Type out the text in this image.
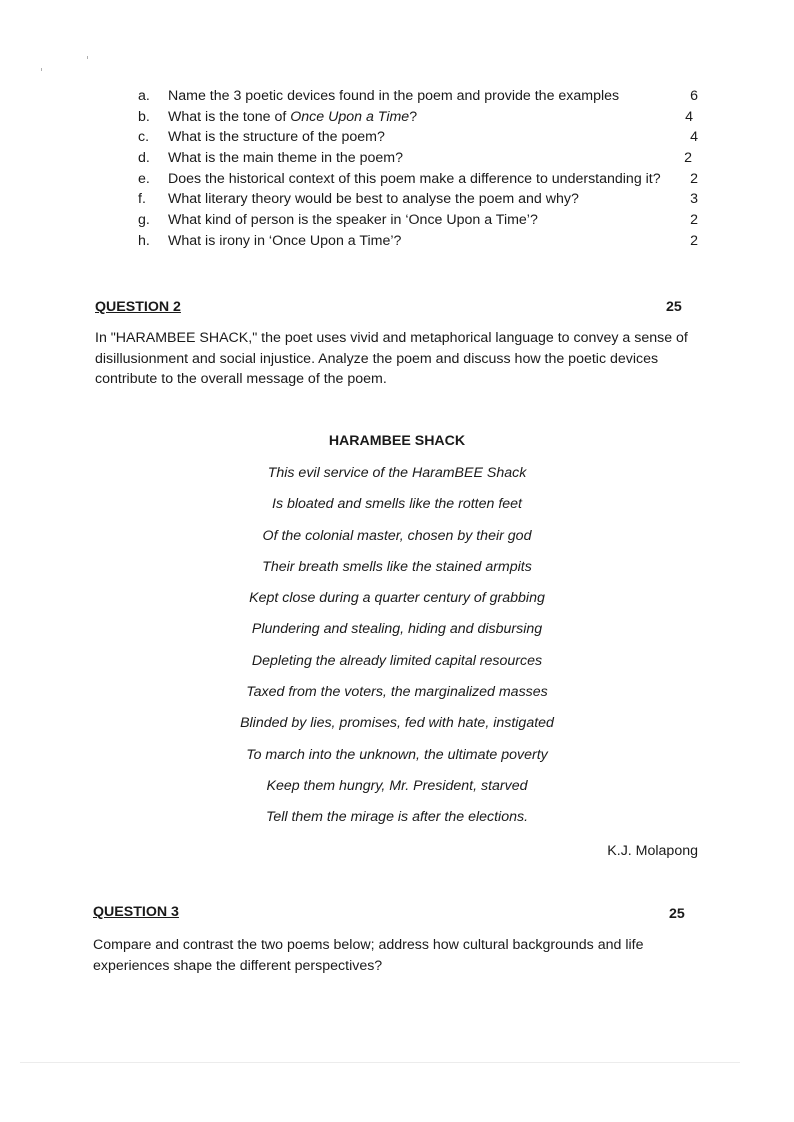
a.	Name the 3 poetic devices found in the poem and provide the examples	6
b.	What is the tone of Once Upon a Time?	4
c.	What is the structure of the poem?	4
d.	What is the main theme in the poem?	2
e.	Does the historical context of this poem make a difference to understanding it?	2
f.	What literary theory would be best to analyse the poem and why?	3
g.	What kind of person is the speaker in ‘Once Upon a Time’?	2
h.	What is irony in ‘Once Upon a Time’?	2
QUESTION 2	25
In "HARAMBEE SHACK," the poet uses vivid and metaphorical language to convey a sense of disillusionment and social injustice. Analyze the poem and discuss how the poetic devices contribute to the overall message of the poem.
HARAMBEE SHACK
This evil service of the HaramBEE Shack
Is bloated and smells like the rotten feet
Of the colonial master, chosen by their god
Their breath smells like the stained armpits
Kept close during a quarter century of grabbing
Plundering and stealing, hiding and disbursing
Depleting the already limited capital resources
Taxed from the voters, the marginalized masses
Blinded by lies, promises, fed with hate, instigated
To march into the unknown, the ultimate poverty
Keep them hungry, Mr. President, starved
Tell them the mirage is after the elections.
K.J. Molapong
QUESTION 3	25
Compare and contrast the two poems below; address how cultural backgrounds and life experiences shape the different perspectives?
